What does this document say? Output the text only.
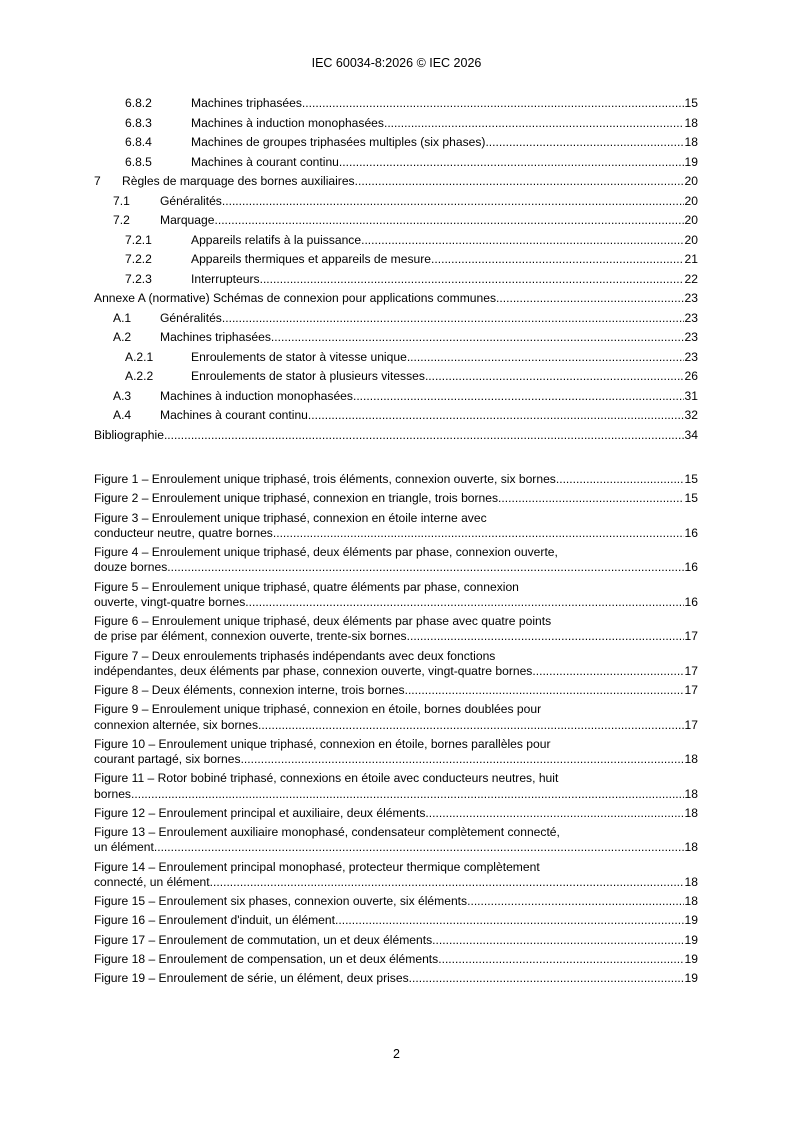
IEC 60034-8:2026 © IEC 2026
6.8.2	Machines triphasées .....	15
6.8.3	Machines à induction monophasées .....	18
6.8.4	Machines de groupes triphasées multiples (six phases) .....	18
6.8.5	Machines à courant continu .....	19
7	Règles de marquage des bornes auxiliaires .....	20
7.1	Généralités .....	20
7.2	Marquage .....	20
7.2.1	Appareils relatifs à la puissance .....	20
7.2.2	Appareils thermiques et appareils de mesure .....	21
7.2.3	Interrupteurs .....	22
Annexe A (normative) Schémas de connexion pour applications communes .....	23
A.1	Généralités .....	23
A.2	Machines triphasées .....	23
A.2.1	Enroulements de stator à vitesse unique .....	23
A.2.2	Enroulements de stator à plusieurs vitesses .....	26
A.3	Machines à induction monophasées .....	31
A.4	Machines à courant continu .....	32
Bibliographie .....	34
Figure 1 – Enroulement unique triphasé, trois éléments, connexion ouverte, six bornes .....	15
Figure 2 – Enroulement unique triphasé, connexion en triangle, trois bornes .....	15
Figure 3 – Enroulement unique triphasé, connexion en étoile interne avec
conducteur neutre, quatre bornes .....	16
Figure 4 – Enroulement unique triphasé, deux éléments par phase, connexion ouverte,
douze bornes .....	16
Figure 5 – Enroulement unique triphasé, quatre éléments par phase, connexion
ouverte, vingt-quatre bornes .....	16
Figure 6 – Enroulement unique triphasé, deux éléments par phase avec quatre points
de prise par élément, connexion ouverte, trente-six bornes .....	17
Figure 7 – Deux enroulements triphasés indépendants avec deux fonctions
indépendantes, deux éléments par phase, connexion ouverte, vingt-quatre bornes .....	17
Figure 8 – Deux éléments, connexion interne, trois bornes .....	17
Figure 9 – Enroulement unique triphasé, connexion en étoile, bornes doublées pour
connexion alternée, six bornes .....	17
Figure 10 – Enroulement unique triphasé, connexion en étoile, bornes parallèles pour
courant partagé, six bornes .....	18
Figure 11 – Rotor bobiné triphasé, connexions en étoile avec conducteurs neutres, huit
bornes .....	18
Figure 12 – Enroulement principal et auxiliaire, deux éléments .....	18
Figure 13 – Enroulement auxiliaire monophasé, condensateur complètement connecté,
un élément .....	18
Figure 14 – Enroulement principal monophasé, protecteur thermique complètement
connecté, un élément .....	18
Figure 15 – Enroulement six phases, connexion ouverte, six éléments .....	18
Figure 16 – Enroulement d'induit, un élément .....	19
Figure 17 – Enroulement de commutation, un et deux éléments .....	19
Figure 18 – Enroulement de compensation, un et deux éléments .....	19
Figure 19 – Enroulement de série, un élément, deux prises .....	19
2
